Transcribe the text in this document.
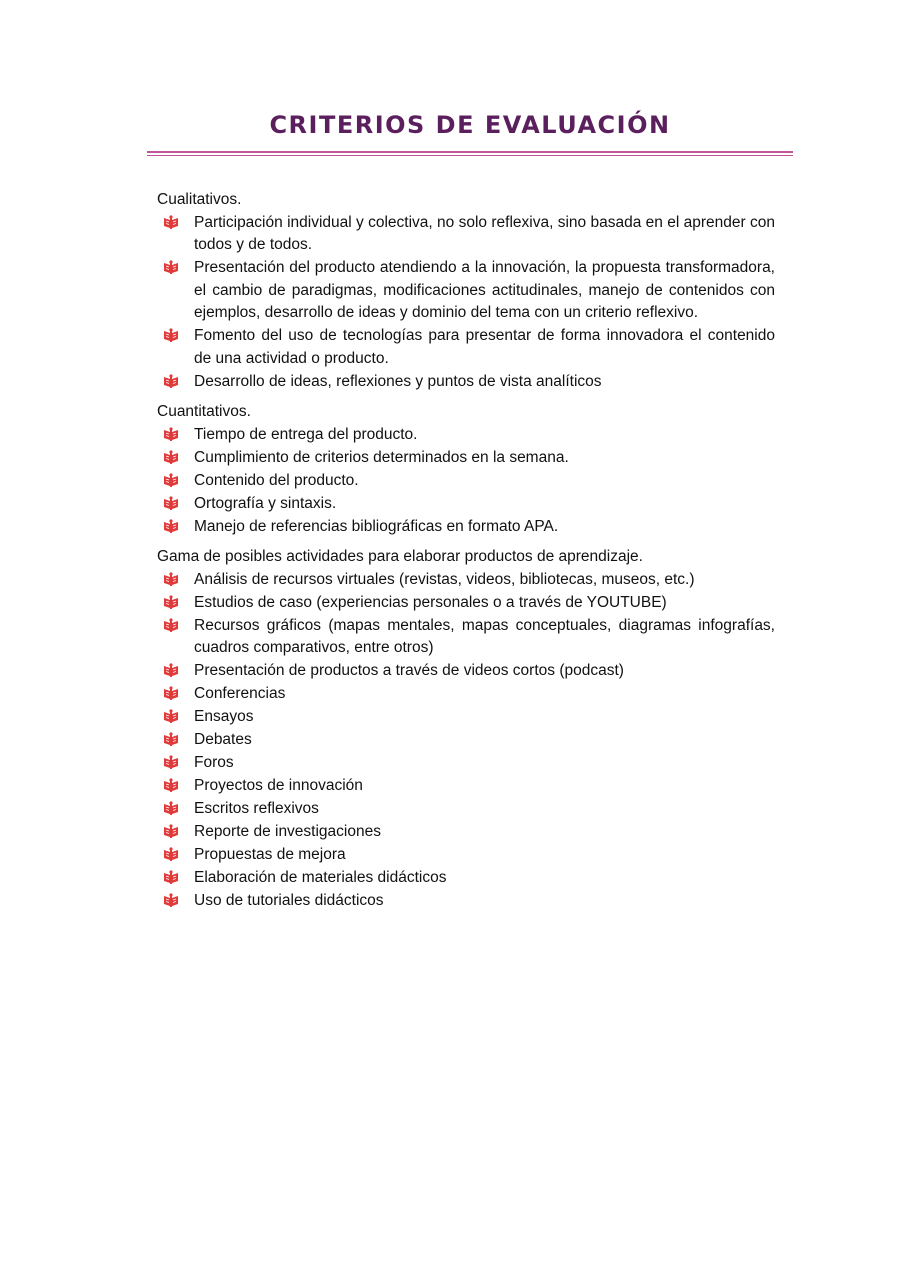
CRITERIOS DE EVALUACIÓN

Cualitativos.

Participación individual y colectiva, no solo reflexiva, sino basada en el aprender con todos y de todos.
Presentación del producto atendiendo a la innovación, la propuesta transformadora, el cambio de paradigmas, modificaciones actitudinales, manejo de contenidos con ejemplos, desarrollo de ideas y dominio del tema con un criterio reflexivo.
Fomento del uso de tecnologías para presentar de forma innovadora el contenido de una actividad o producto.
Desarrollo de ideas, reflexiones y puntos de vista analíticos

Cuantitativos.

Tiempo de entrega del producto.
Cumplimiento de criterios determinados en la semana.
Contenido del producto.
Ortografía y sintaxis.
Manejo de referencias bibliográficas en formato APA.

Gama de posibles actividades para elaborar productos de aprendizaje.

Análisis de recursos virtuales (revistas, videos, bibliotecas, museos, etc.)
Estudios de caso (experiencias personales o a través de YOUTUBE)
Recursos gráficos (mapas mentales, mapas conceptuales, diagramas infografías, cuadros comparativos, entre otros)
Presentación de productos a través de videos cortos (podcast)
Conferencias
Ensayos
Debates
Foros
Proyectos de innovación
Escritos reflexivos
Reporte de investigaciones
Propuestas de mejora
Elaboración de materiales didácticos
Uso de tutoriales didácticos
